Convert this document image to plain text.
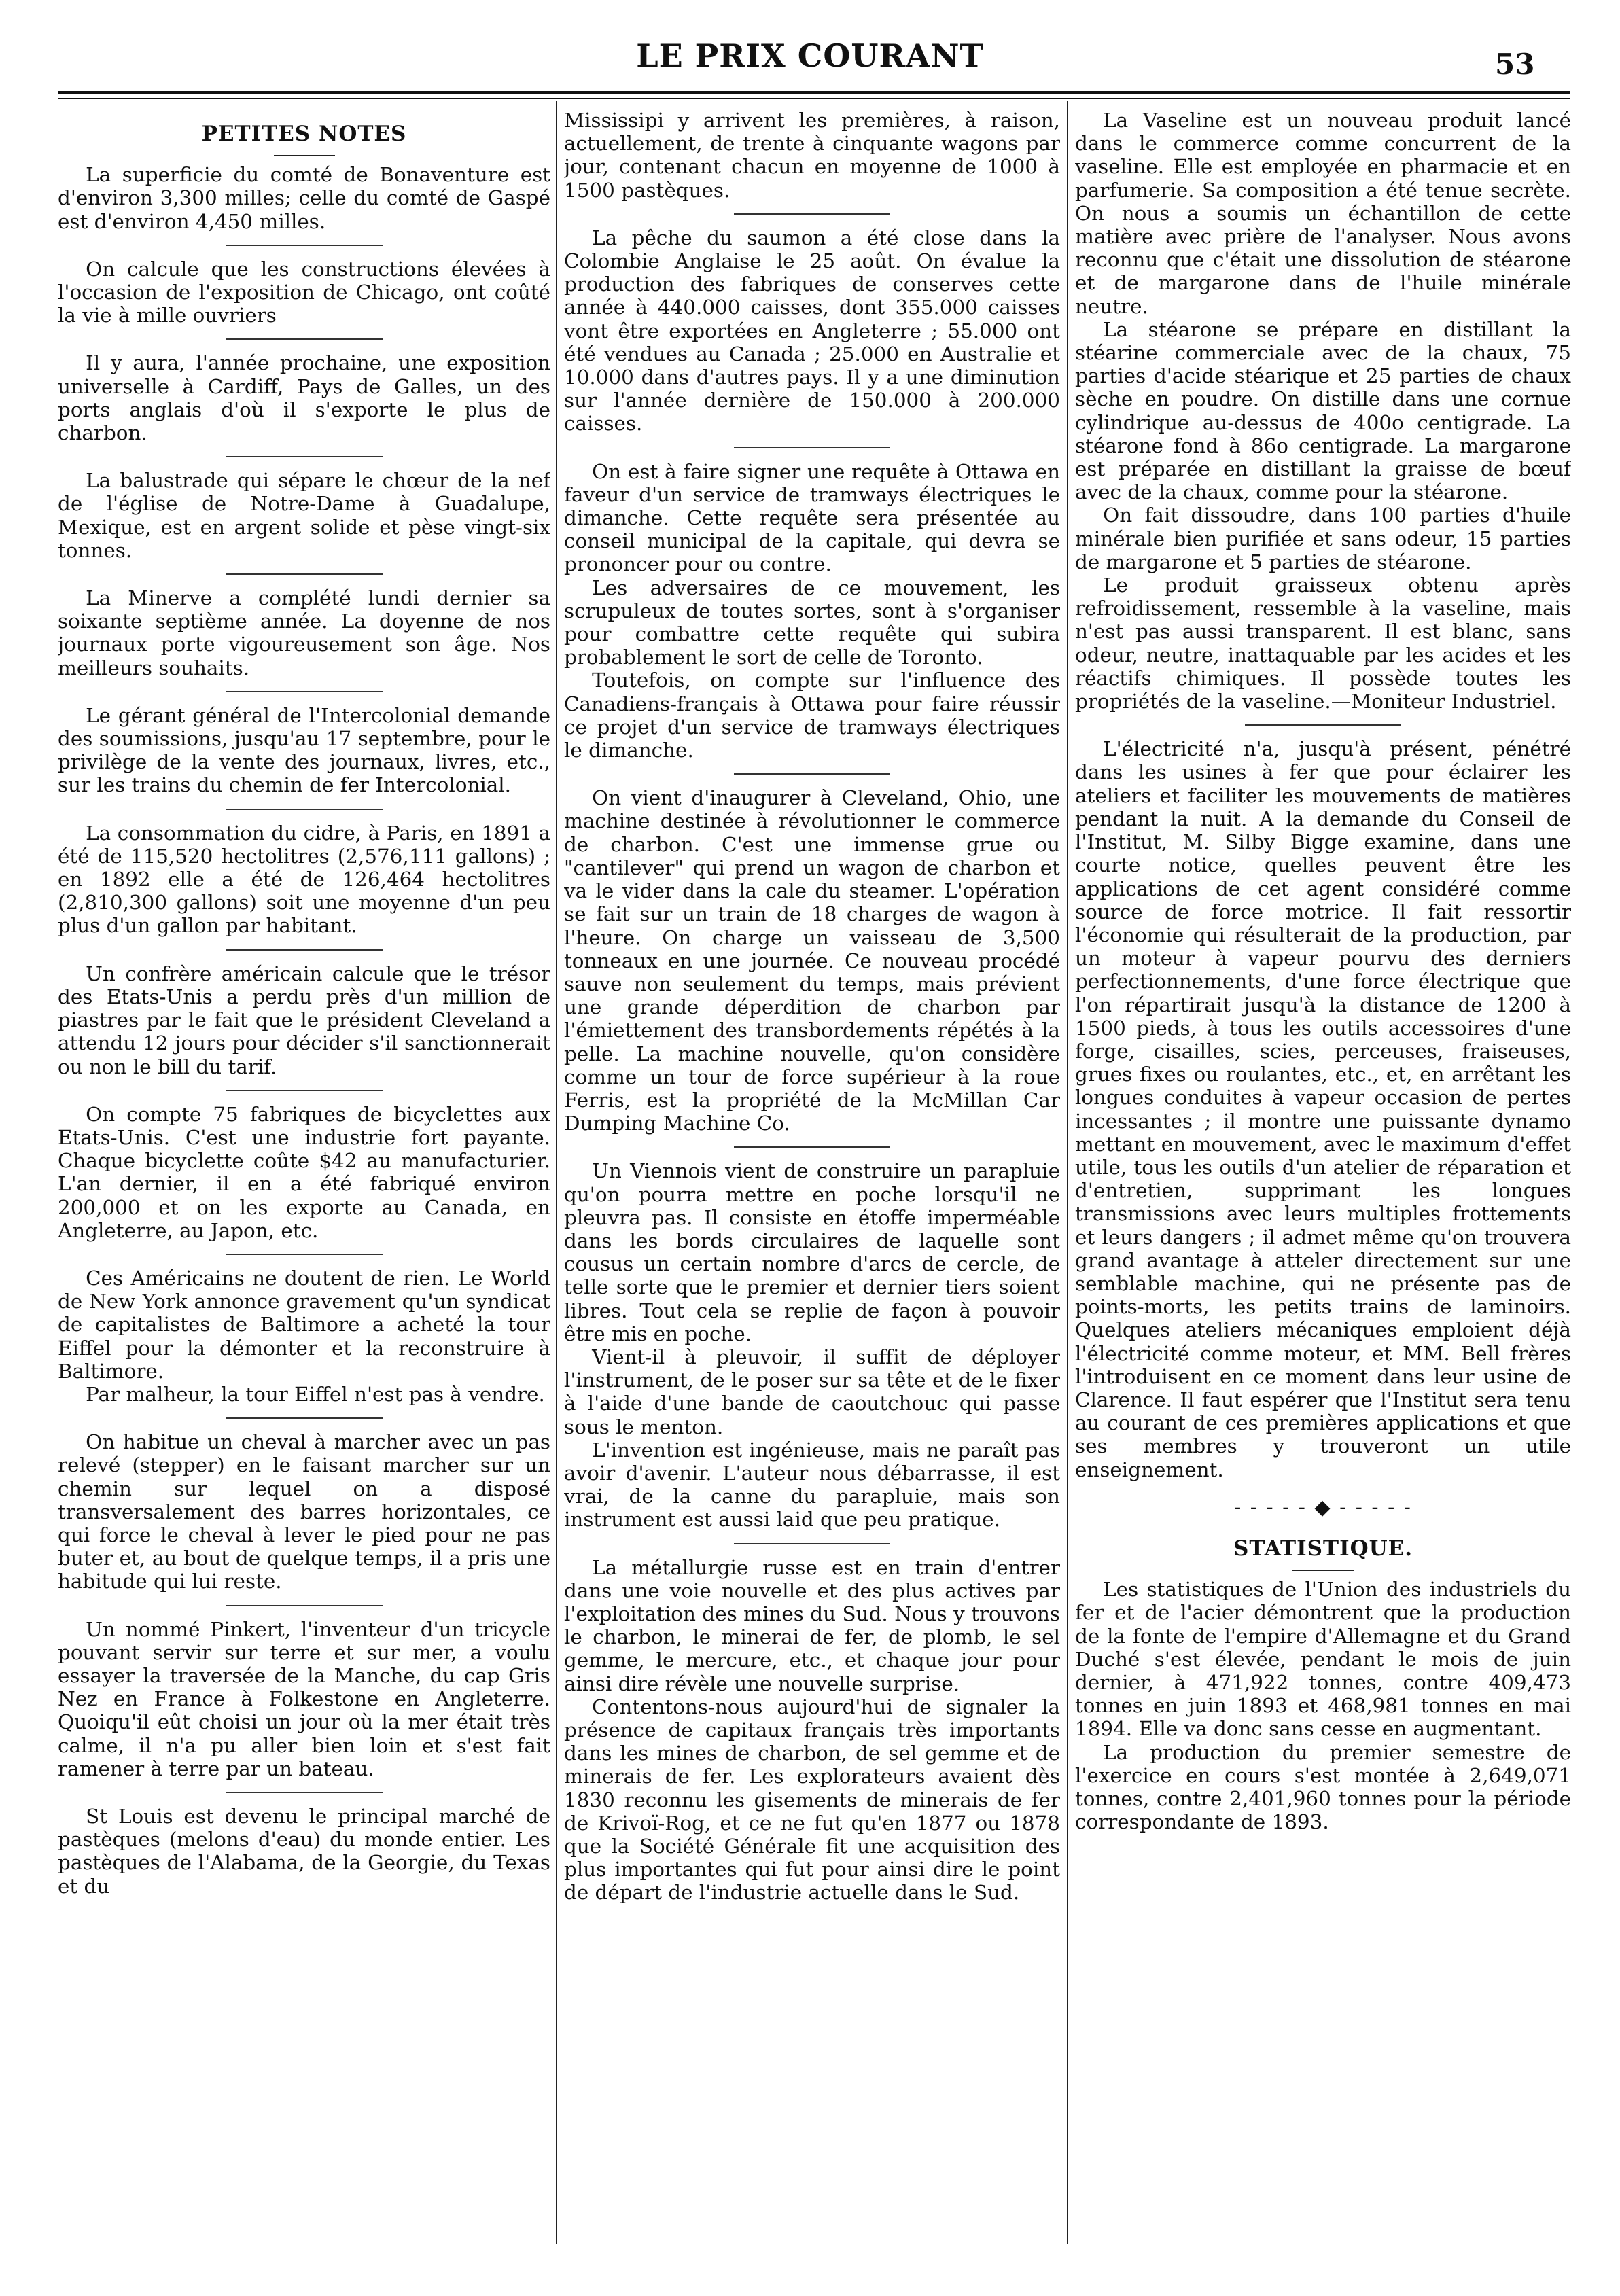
LE PRIX COURANT	53
PETITES NOTES

La superficie du comté de Bonaventure est d'environ 3,300 milles; celle du comté de Gaspé est d'environ 4,450 milles.

On calcule que les constructions élevées à l'occasion de l'exposition de Chicago, ont coûté la vie à mille ouvriers

Il y aura, l'année prochaine, une exposition universelle à Cardiff, Pays de Galles, un des ports anglais d'où il s'exporte le plus de charbon.

La balustrade qui sépare le chœur de la nef de l'église de Notre-Dame à Guadalupe, Mexique, est en argent solide et pèse vingt-six tonnes.

La Minerve a complété lundi dernier sa soixante septième année. La doyenne de nos journaux porte vigoureusement son âge. Nos meilleurs souhaits.

Le gérant général de l'Intercolonial demande des soumissions, jusqu'au 17 septembre, pour le privilège de la vente des journaux, livres, etc., sur les trains du chemin de fer Intercolonial.

La consommation du cidre, à Paris, en 1891 a été de 115,520 hectolitres (2,576,111 gallons) ; en 1892 elle a été de 126,464 hectolitres (2,810,300 gallons) soit une moyenne d'un peu plus d'un gallon par habitant.

Un confrère américain calcule que le trésor des Etats-Unis a perdu près d'un million de piastres par le fait que le président Cleveland a attendu 12 jours pour décider s'il sanctionnerait ou non le bill du tarif.

On compte 75 fabriques de bicyclettes aux Etats-Unis. C'est une industrie fort payante. Chaque bicyclette coûte $42 au manufacturier. L'an dernier, il en a été fabriqué environ 200,000 et on les exporte au Canada, en Angleterre, au Japon, etc.

Ces Américains ne doutent de rien. Le World de New York annonce gravement qu'un syndicat de capitalistes de Baltimore a acheté la tour Eiffel pour la démonter et la reconstruire à Baltimore.

Par malheur, la tour Eiffel n'est pas à vendre.

On habitue un cheval à marcher avec un pas relevé (stepper) en le faisant marcher sur un chemin sur lequel on a disposé transversalement des barres horizontales, ce qui force le cheval à lever le pied pour ne pas buter et, au bout de quelque temps, il a pris une habitude qui lui reste.

Un nommé Pinkert, l'inventeur d'un tricycle pouvant servir sur terre et sur mer, a voulu essayer la traversée de la Manche, du cap Gris Nez en France à Folkestone en Angleterre. Quoiqu'il eût choisi un jour où la mer était très calme, il n'a pu aller bien loin et s'est fait ramener à terre par un bateau.

St Louis est devenu le principal marché de pastèques (melons d'eau) du monde entier. Les pastèques de l'Alabama, de la Georgie, du Texas et du

Mississipi y arrivent les premières, à raison, actuellement, de trente à cinquante wagons par jour, contenant chacun en moyenne de 1000 à 1500 pastèques.

La pêche du saumon a été close dans la Colombie Anglaise le 25 août. On évalue la production des fabriques de conserves cette année à 440.000 caisses, dont 355.000 caisses vont être exportées en Angleterre ; 55.000 ont été vendues au Canada ; 25.000 en Australie et 10.000 dans d'autres pays. Il y a une diminution sur l'année dernière de 150.000 à 200.000 caisses.

On est à faire signer une requête à Ottawa en faveur d'un service de tramways électriques le dimanche. Cette requête sera présentée au conseil municipal de la capitale, qui devra se prononcer pour ou contre.

Les adversaires de ce mouvement, les scrupuleux de toutes sortes, sont à s'organiser pour combattre cette requête qui subira probablement le sort de celle de Toronto.

Toutefois, on compte sur l'influence des Canadiens-français à Ottawa pour faire réussir ce projet d'un service de tramways électriques le dimanche.

On vient d'inaugurer à Cleveland, Ohio, une machine destinée à révolutionner le commerce de charbon. C'est une immense grue ou "cantilever" qui prend un wagon de charbon et va le vider dans la cale du steamer. L'opération se fait sur un train de 18 charges de wagon à l'heure. On charge un vaisseau de 3,500 tonneaux en une journée. Ce nouveau procédé sauve non seulement du temps, mais prévient une grande déperdition de charbon par l'émiettement des transbordements répétés à la pelle. La machine nouvelle, qu'on considère comme un tour de force supérieur à la roue Ferris, est la propriété de la McMillan Car Dumping Machine Co.

Un Viennois vient de construire un parapluie qu'on pourra mettre en poche lorsqu'il ne pleuvra pas. Il consiste en étoffe imperméable dans les bords circulaires de laquelle sont cousus un certain nombre d'arcs de cercle, de telle sorte que le premier et dernier tiers soient libres. Tout cela se replie de façon à pouvoir être mis en poche.

Vient-il à pleuvoir, il suffit de déployer l'instrument, de le poser sur sa tête et de le fixer à l'aide d'une bande de caoutchouc qui passe sous le menton.

L'invention est ingénieuse, mais ne paraît pas avoir d'avenir. L'auteur nous débarrasse, il est vrai, de la canne du parapluie, mais son instrument est aussi laid que peu pratique.

La métallurgie russe est en train d'entrer dans une voie nouvelle et des plus actives par l'exploitation des mines du Sud. Nous y trouvons le charbon, le minerai de fer, de plomb, le sel gemme, le mercure, etc., et chaque jour pour ainsi dire révèle une nouvelle surprise.

Contentons-nous aujourd'hui de signaler la présence de capitaux français très importants dans les mines de charbon, de sel gemme et de minerais de fer. Les explorateurs avaient dès 1830 reconnu les gisements de minerais de fer de Krivoï-Rog, et ce ne fut qu'en 1877 ou 1878 que la Société Générale fit une acquisition des plus importantes qui fut pour ainsi dire le point de départ de l'industrie actuelle dans le Sud.

La Vaseline est un nouveau produit lancé dans le commerce comme concurrent de la vaseline. Elle est employée en pharmacie et en parfumerie. Sa composition a été tenue secrète. On nous a soumis un échantillon de cette matière avec prière de l'analyser. Nous avons reconnu que c'était une dissolution de stéarone et de margarone dans de l'huile minérale neutre.

La stéarone se prépare en distillant la stéarine commerciale avec de la chaux, 75 parties d'acide stéarique et 25 parties de chaux sèche en poudre. On distille dans une cornue cylindrique au-dessus de 400o centigrade. La stéarone fond à 86o centigrade. La margarone est préparée en distillant la graisse de bœuf avec de la chaux, comme pour la stéarone.

On fait dissoudre, dans 100 parties d'huile minérale bien purifiée et sans odeur, 15 parties de margarone et 5 parties de stéarone.

Le produit graisseux obtenu après refroidissement, ressemble à la vaseline, mais n'est pas aussi transparent. Il est blanc, sans odeur, neutre, inattaquable par les acides et les réactifs chimiques. Il possède toutes les propriétés de la vaseline.—Moniteur Industriel.

L'électricité n'a, jusqu'à présent, pénétré dans les usines à fer que pour éclairer les ateliers et faciliter les mouvements de matières pendant la nuit. A la demande du Conseil de l'Institut, M. Silby Bigge examine, dans une courte notice, quelles peuvent être les applications de cet agent considéré comme source de force motrice. Il fait ressortir l'économie qui résulterait de la production, par un moteur à vapeur pourvu des derniers perfectionnements, d'une force électrique que l'on répartirait jusqu'à la distance de 1200 à 1500 pieds, à tous les outils accessoires d'une forge, cisailles, scies, perceuses, fraiseuses, grues fixes ou roulantes, etc., et, en arrêtant les longues conduites à vapeur occasion de pertes incessantes ; il montre une puissante dynamo mettant en mouvement, avec le maximum d'effet utile, tous les outils d'un atelier de réparation et d'entretien, supprimant les longues transmissions avec leurs multiples frottements et leurs dangers ; il admet même qu'on trouvera grand avantage à atteler directement sur une semblable machine, qui ne présente pas de points-morts, les petits trains de laminoirs. Quelques ateliers mécaniques emploient déjà l'électricité comme moteur, et MM. Bell frères l'introduisent en ce moment dans leur usine de Clarence. Il faut espérer que l'Institut sera tenu au courant de ces premières applications et que ses membres y trouveront un utile enseignement.

- - - - - ◆ - - - - -
STATISTIQUE.

Les statistiques de l'Union des industriels du fer et de l'acier démontrent que la production de la fonte de l'empire d'Allemagne et du Grand Duché s'est élevée, pendant le mois de juin dernier, à 471,922 tonnes, contre 409,473 tonnes en juin 1893 et 468,981 tonnes en mai 1894. Elle va donc sans cesse en augmentant.

La production du premier semestre de l'exercice en cours s'est montée à 2,649,071 tonnes, contre 2,401,960 tonnes pour la période correspondante de 1893.
